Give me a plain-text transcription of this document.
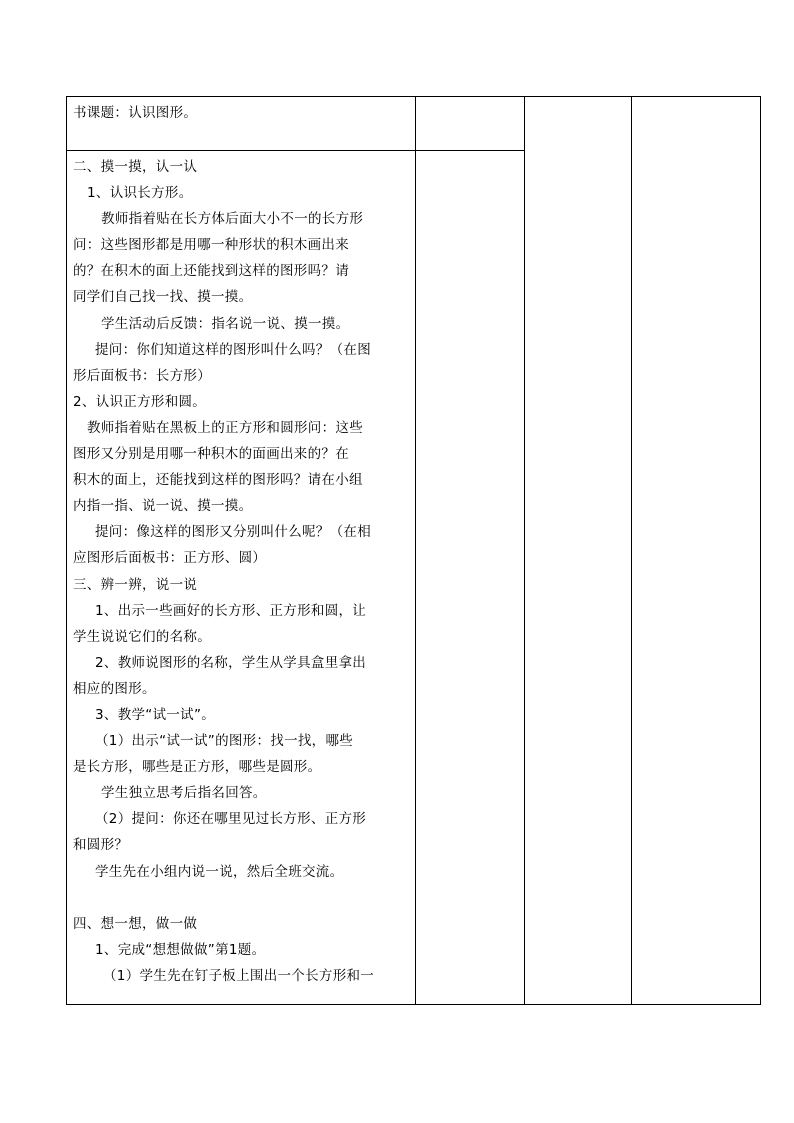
书课题：认识图形。

二、摸一摸，认一认

1、认识长方形。

教师指着贴在长方体后面大小不一的长方形

问：这些图形都是用哪一种形状的积木画出来

的？在积木的面上还能找到这样的图形吗？请

同学们自己找一找、摸一摸。

学生活动后反馈：指名说一说、摸一摸。

提问：你们知道这样的图形叫什么吗？（在图

形后面板书：长方形）

2、认识正方形和圆。

教师指着贴在黑板上的正方形和圆形问：这些

图形又分别是用哪一种积木的面画出来的？在

积木的面上，还能找到这样的图形吗？请在小组

内指一指、说一说、摸一摸。

提问：像这样的图形又分别叫什么呢？（在相

应图形后面板书：正方形、圆）

三、辨一辨，说一说

1、出示一些画好的长方形、正方形和圆，让

学生说说它们的名称。

2、教师说图形的名称，学生从学具盒里拿出

相应的图形。

3、教学“试一试”。

（1）出示“试一试”的图形：找一找，哪些

是长方形，哪些是正方形，哪些是圆形。

学生独立思考后指名回答。

（2）提问：你还在哪里见过长方形、正方形

和圆形？

学生先在小组内说一说，然后全班交流。

四、想一想，做一做

1、完成“想想做做”第1题。

（1）学生先在钉子板上围出一个长方形和一
